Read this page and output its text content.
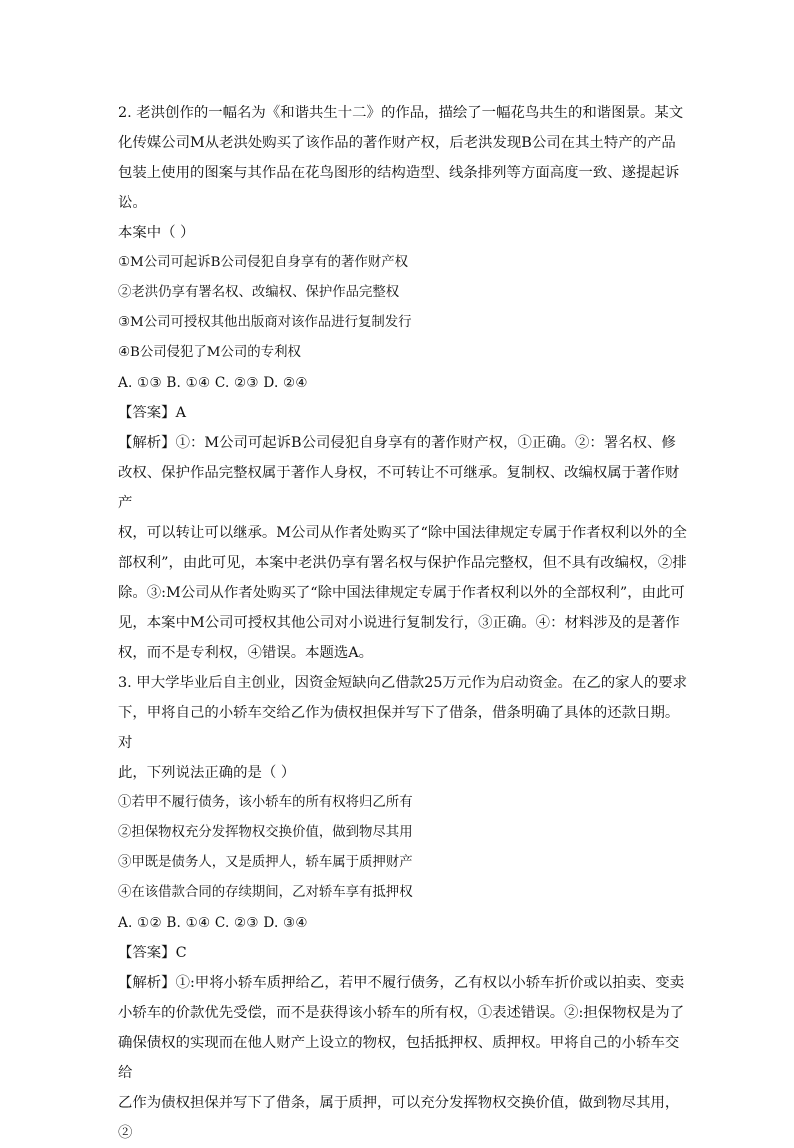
2. 老洪创作的一幅名为《和谐共生十二》的作品，描绘了一幅花鸟共生的和谐图景。某文
化传媒公司M从老洪处购买了该作品的著作财产权，后老洪发现B公司在其土特产的产品
包装上使用的图案与其作品在花鸟图形的结构造型、线条排列等方面高度一致、遂提起诉讼。
本案中（ ）
①M公司可起诉B公司侵犯自身享有的著作财产权
②老洪仍享有署名权、改编权、保护作品完整权
③M公司可授权其他出版商对该作品进行复制发行
④B公司侵犯了M公司的专利权
A. ①③ B. ①④ C. ②③ D. ②④
【答案】A
【解析】①：M公司可起诉B公司侵犯自身享有的著作财产权，①正确。②：署名权、修
改权、保护作品完整权属于著作人身权，不可转让不可继承。复制权、改编权属于著作财产
权，可以转让可以继承。M公司从作者处购买了“除中国法律规定专属于作者权利以外的全
部权利”，由此可见，本案中老洪仍享有署名权与保护作品完整权，但不具有改编权，②排
除。③:M公司从作者处购买了“除中国法律规定专属于作者权利以外的全部权利”，由此可
见，本案中M公司可授权其他公司对小说进行复制发行，③正确。④：材料涉及的是著作
权，而不是专利权，④错误。本题选A。
3. 甲大学毕业后自主创业，因资金短缺向乙借款25万元作为启动资金。在乙的家人的要求
下，甲将自己的小轿车交给乙作为债权担保并写下了借条，借条明确了具体的还款日期。对
此，下列说法正确的是（ ）
①若甲不履行债务，该小轿车的所有权将归乙所有
②担保物权充分发挥物权交换价值，做到物尽其用
③甲既是债务人，又是质押人，轿车属于质押财产
④在该借款合同的存续期间，乙对轿车享有抵押权
A. ①② B. ①④ C. ②③ D. ③④
【答案】C
【解析】①:甲将小轿车质押给乙，若甲不履行债务，乙有权以小轿车折价或以拍卖、变卖
小轿车的价款优先受偿，而不是获得该小轿车的所有权，①表述错误。②:担保物权是为了
确保债权的实现而在他人财产上设立的物权，包括抵押权、质押权。甲将自己的小轿车交给
乙作为债权担保并写下了借条，属于质押，可以充分发挥物权交换价值，做到物尽其用，②
